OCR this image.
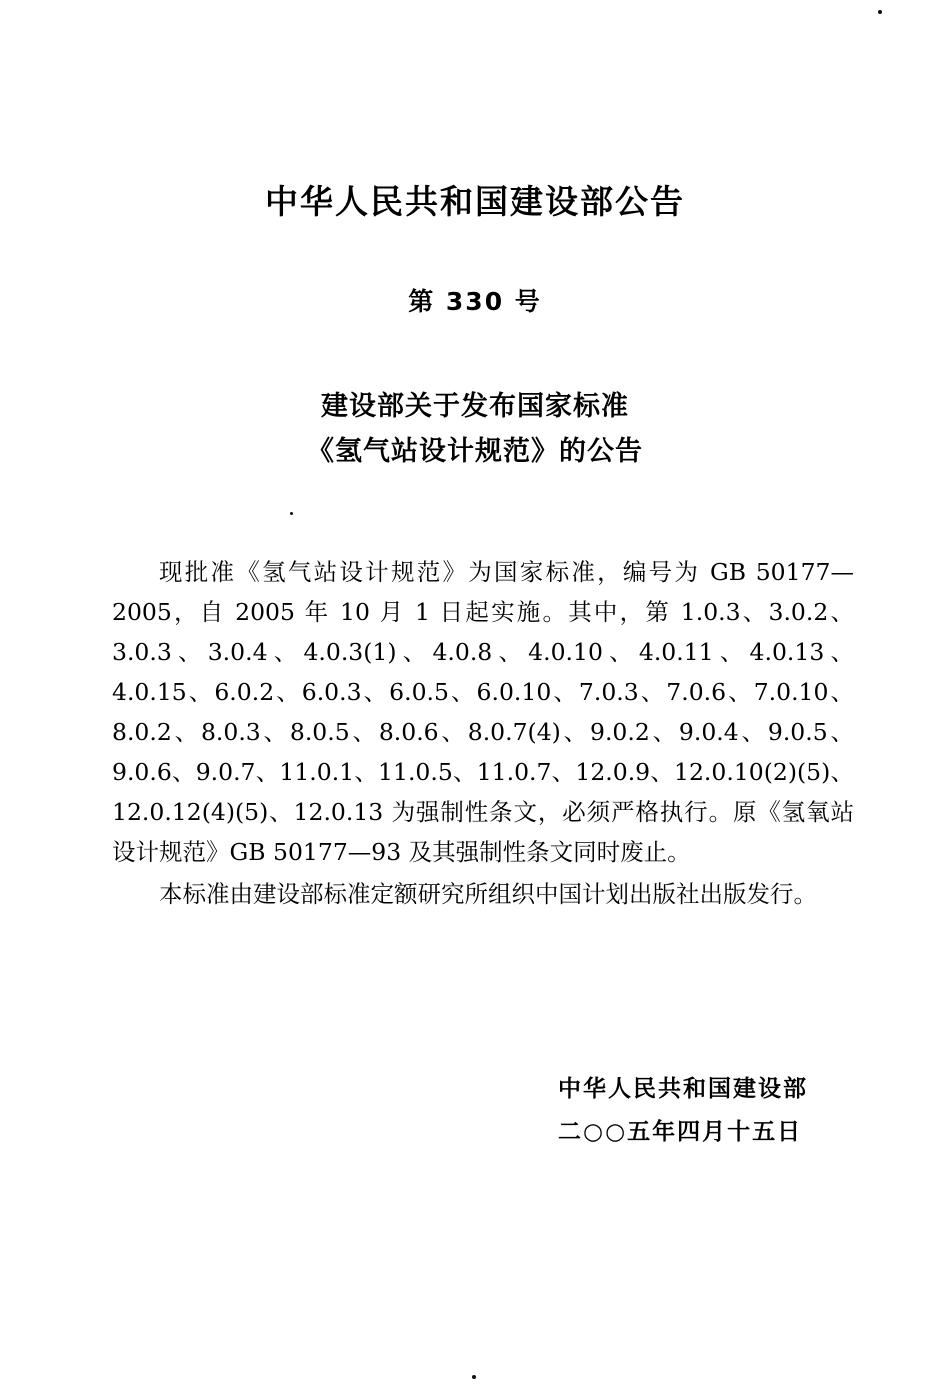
中华人民共和国建设部公告
第 330 号
建设部关于发布国家标准
《氢气站设计规范》的公告

现批准《氢气站设计规范》为国家标准，编号为 GB 50177—2005，自 2005 年 10 月 1 日起实施。其中，第 1.0.3、3.0.2、3.0.3、3.0.4、4.0.3(1)、4.0.8、4.0.10、4.0.11、4.0.13、4.0.15、6.0.2、6.0.3、6.0.5、6.0.10、7.0.3、7.0.6、7.0.10、8.0.2、8.0.3、8.0.5、8.0.6、8.0.7(4)、9.0.2、9.0.4、9.0.5、9.0.6、9.0.7、11.0.1、11.0.5、11.0.7、12.0.9、12.0.10(2)(5)、12.0.12(4)(5)、12.0.13 为强制性条文，必须严格执行。原《氢氧站设计规范》GB 50177—93 及其强制性条文同时废止。

本标准由建设部标准定额研究所组织中国计划出版社出版发行。

中华人民共和国建设部
二○○五年四月十五日
